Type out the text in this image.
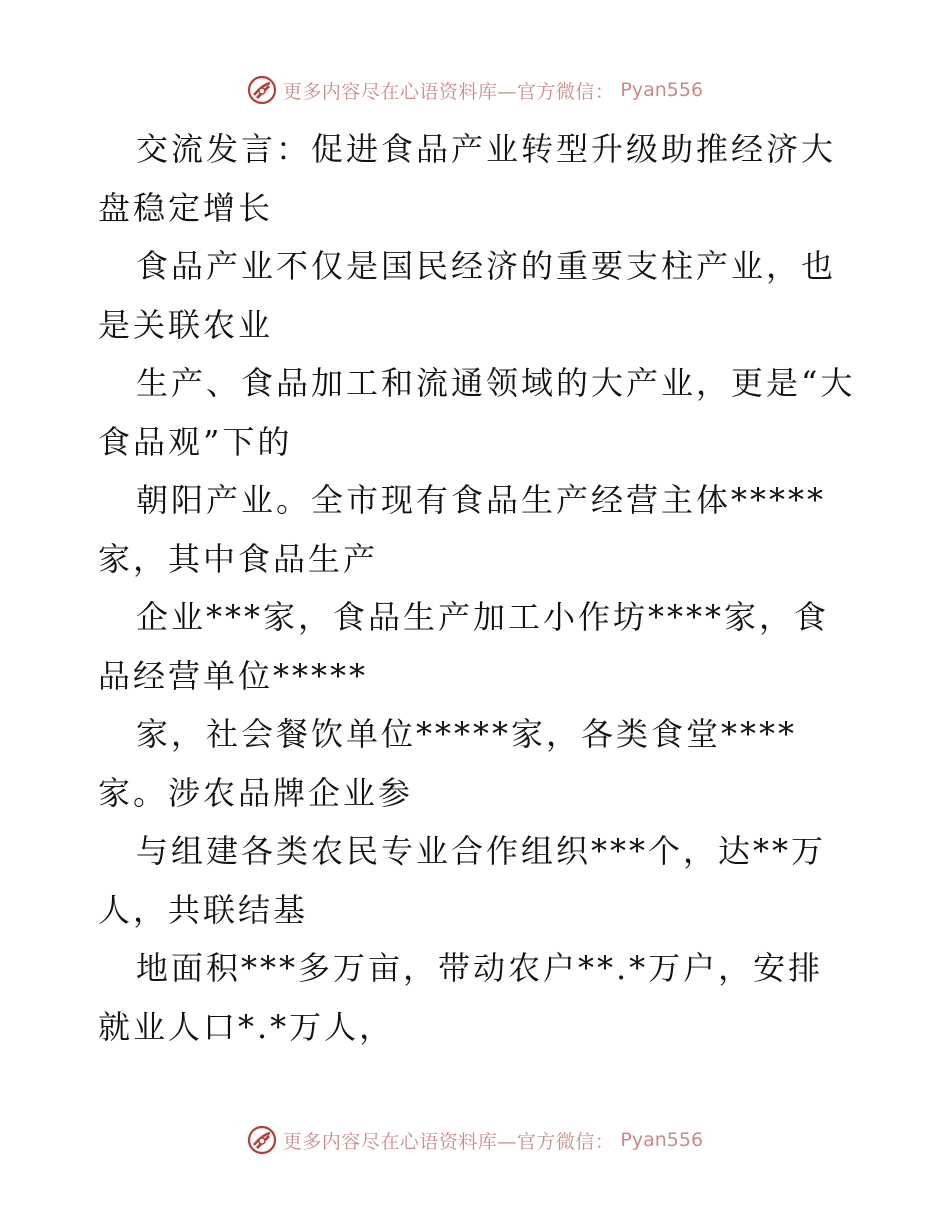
更多内容尽在心语资料库—官方微信： Pyan556

交流发言：促进食品产业转型升级助推经济大盘稳定增长

食品产业不仅是国民经济的重要支柱产业，也是关联农业

生产、食品加工和流通领域的大产业，更是“大食品观”下的

朝阳产业。全市现有食品生产经营主体*****家，其中食品生产

企业***家，食品生产加工小作坊****家，食品经营单位*****

家，社会餐饮单位*****家，各类食堂****家。涉农品牌企业参

与组建各类农民专业合作组织***个，达**万人，共联结基

地面积***多万亩，带动农户**.*万户，安排就业人口*.*万人，

更多内容尽在心语资料库—官方微信： Pyan556
